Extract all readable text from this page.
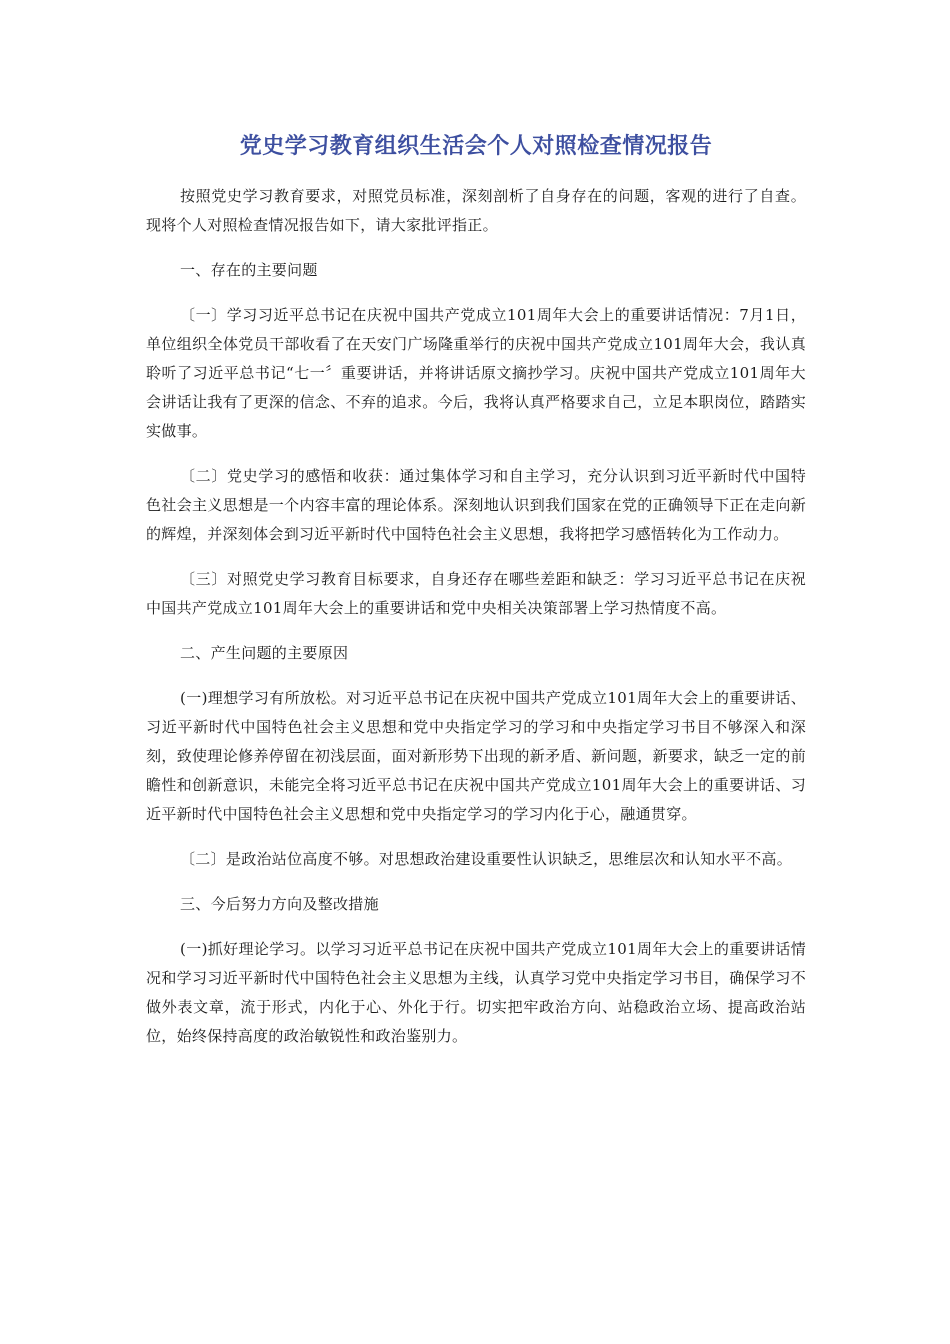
党史学习教育组织生活会个人对照检查情况报告

按照党史学习教育要求，对照党员标准，深刻剖析了自身存在的问题，客观的进行了自查。现将个人对照检查情况报告如下，请大家批评指正。

一、存在的主要问题

〔一〕学习习近平总书记在庆祝中国共产党成立101周年大会上的重要讲话情况：7月1日，单位组织全体党员干部收看了在天安门广场隆重举行的庆祝中国共产党成立101周年大会，我认真聆听了习近平总书记“七一〞重要讲话，并将讲话原文摘抄学习。庆祝中国共产党成立101周年大会讲话让我有了更深的信念、不弃的追求。今后，我将认真严格要求自己，立足本职岗位，踏踏实实做事。

〔二〕党史学习的感悟和收获：通过集体学习和自主学习，充分认识到习近平新时代中国特色社会主义思想是一个内容丰富的理论体系。深刻地认识到我们国家在党的正确领导下正在走向新的辉煌，并深刻体会到习近平新时代中国特色社会主义思想，我将把学习感悟转化为工作动力。

〔三〕对照党史学习教育目标要求，自身还存在哪些差距和缺乏：学习习近平总书记在庆祝中国共产党成立101周年大会上的重要讲话和党中央相关决策部署上学习热情度不高。

二、产生问题的主要原因

(一)理想学习有所放松。对习近平总书记在庆祝中国共产党成立101周年大会上的重要讲话、习近平新时代中国特色社会主义思想和党中央指定学习的学习和中央指定学习书目不够深入和深刻，致使理论修养停留在初浅层面，面对新形势下出现的新矛盾、新问题，新要求，缺乏一定的前瞻性和创新意识，未能完全将习近平总书记在庆祝中国共产党成立101周年大会上的重要讲话、习近平新时代中国特色社会主义思想和党中央指定学习的学习内化于心，融通贯穿。

〔二〕是政治站位高度不够。对思想政治建设重要性认识缺乏，思维层次和认知水平不高。

三、今后努力方向及整改措施

(一)抓好理论学习。以学习习近平总书记在庆祝中国共产党成立101周年大会上的重要讲话情况和学习习近平新时代中国特色社会主义思想为主线，认真学习党中央指定学习书目，确保学习不做外表文章，流于形式，内化于心、外化于行。切实把牢政治方向、站稳政治立场、提高政治站位，始终保持高度的政治敏锐性和政治鉴别力。
